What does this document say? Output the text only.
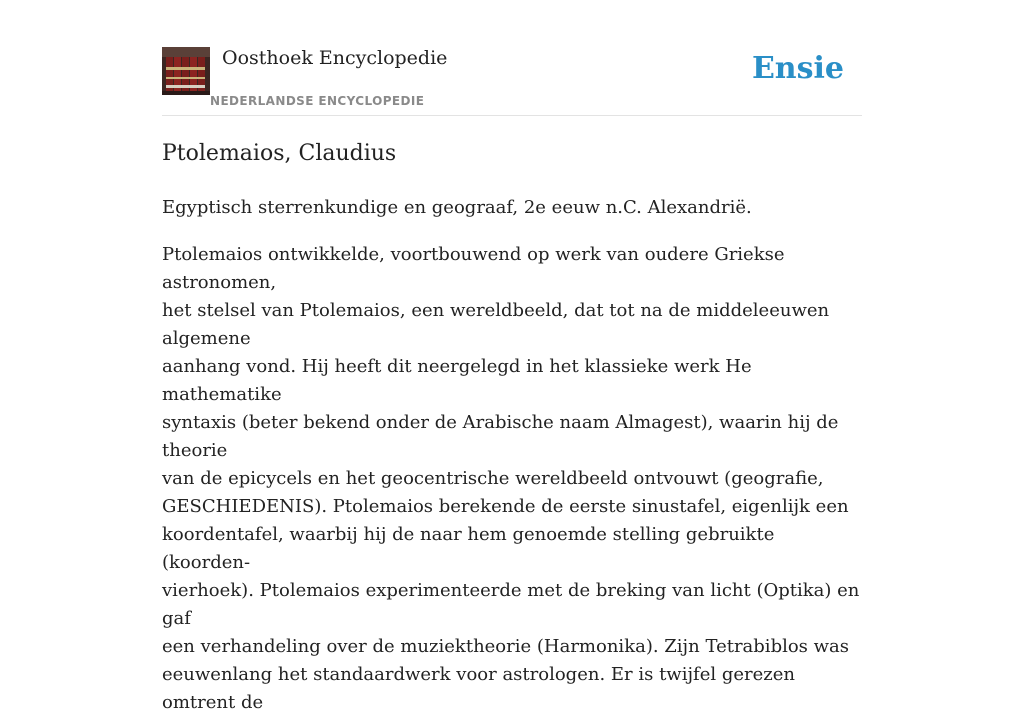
Oosthoek Encyclopedie
NEDERLANDSE ENCYCLOPEDIE
Ensie
Ptolemaios, Claudius

Egyptisch sterrenkundige en geograaf, 2e eeuw n.C. Alexandrië.

Ptolemaios ontwikkelde, voortbouwend op werk van oudere Griekse astronomen,
het stelsel van Ptolemaios, een wereldbeeld, dat tot na de middeleeuwen algemene
aanhang vond. Hij heeft dit neergelegd in het klassieke werk He mathematike
syntaxis (beter bekend onder de Arabische naam Almagest), waarin hij de theorie
van de epicycels en het geocentrische wereldbeeld ontvouwt (geografie,
GESCHIEDENIS). Ptolemaios berekende de eerste sinustafel, eigenlijk een
koordentafel, waarbij hij de naar hem genoemde stelling gebruikte (koorden-
vierhoek). Ptolemaios experimenteerde met de breking van licht (Optika) en gaf
een verhandeling over de muziektheorie (Harmonika). Zijn Tetrabiblos was
eeuwenlang het standaardwerk voor astrologen. Er is twijfel gerezen omtrent de
